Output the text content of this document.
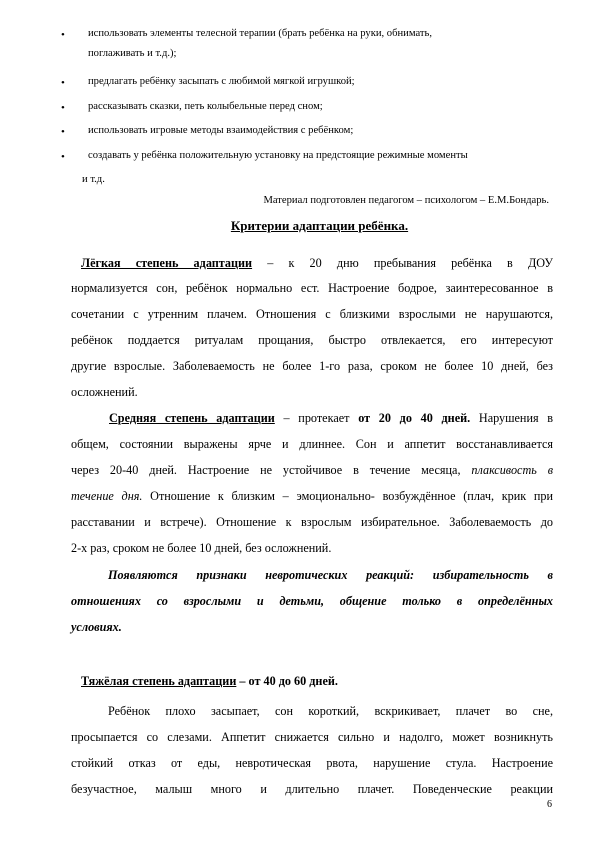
• использовать элементы телесной терапии (брать ребёнка на руки, обнимать,
поглаживать и т.д.);
• предлагать ребёнку засыпать с любимой мягкой игрушкой;
• рассказывать сказки, петь колыбельные перед сном;
• использовать игровые методы взаимодействия с ребёнком;
• создавать у ребёнка положительную установку на предстоящие режимные моменты
и т.д.
Материал подготовлен педагогом – психологом – Е.М.Бондарь.
Критерии адаптации ребёнка.
Лёгкая степень адаптации – к 20 дню пребывания ребёнка в ДОУ
нормализуется сон, ребёнок нормально ест. Настроение бодрое, заинтересованное в
сочетании с утренним плачем. Отношения с близкими взрослыми не нарушаются,
ребёнок поддается ритуалам прощания, быстро отвлекается, его интересуют
другие взрослые. Заболеваемость не более 1-го раза, сроком не более 10 дней, без
осложнений.
Средняя степень адаптации – протекает от 20 до 40 дней. Нарушения в
общем, состоянии выражены ярче и длиннее. Сон и аппетит восстанавливается
через 20-40 дней. Настроение не устойчивое в течение месяца, плаксивость в
течение дня. Отношение к близким – эмоционально- возбуждённое (плач, крик при
расставании и встрече). Отношение к взрослым избирательное. Заболеваемость до
2-х раз, сроком не более 10 дней, без осложнений.
Появляются признаки невротических реакций: избирательность в
отношениях со взрослыми и детьми, общение только в определённых
условиях.
Тяжёлая степень адаптации – от 40 до 60 дней.
Ребёнок плохо засыпает, сон короткий, вскрикивает, плачет во сне,
просыпается со слезами. Аппетит снижается сильно и надолго, может возникнуть
стойкий отказ от еды, невротическая рвота, нарушение стула. Настроение
безучастное, малыш много и длительно плачет. Поведенческие реакции
6
